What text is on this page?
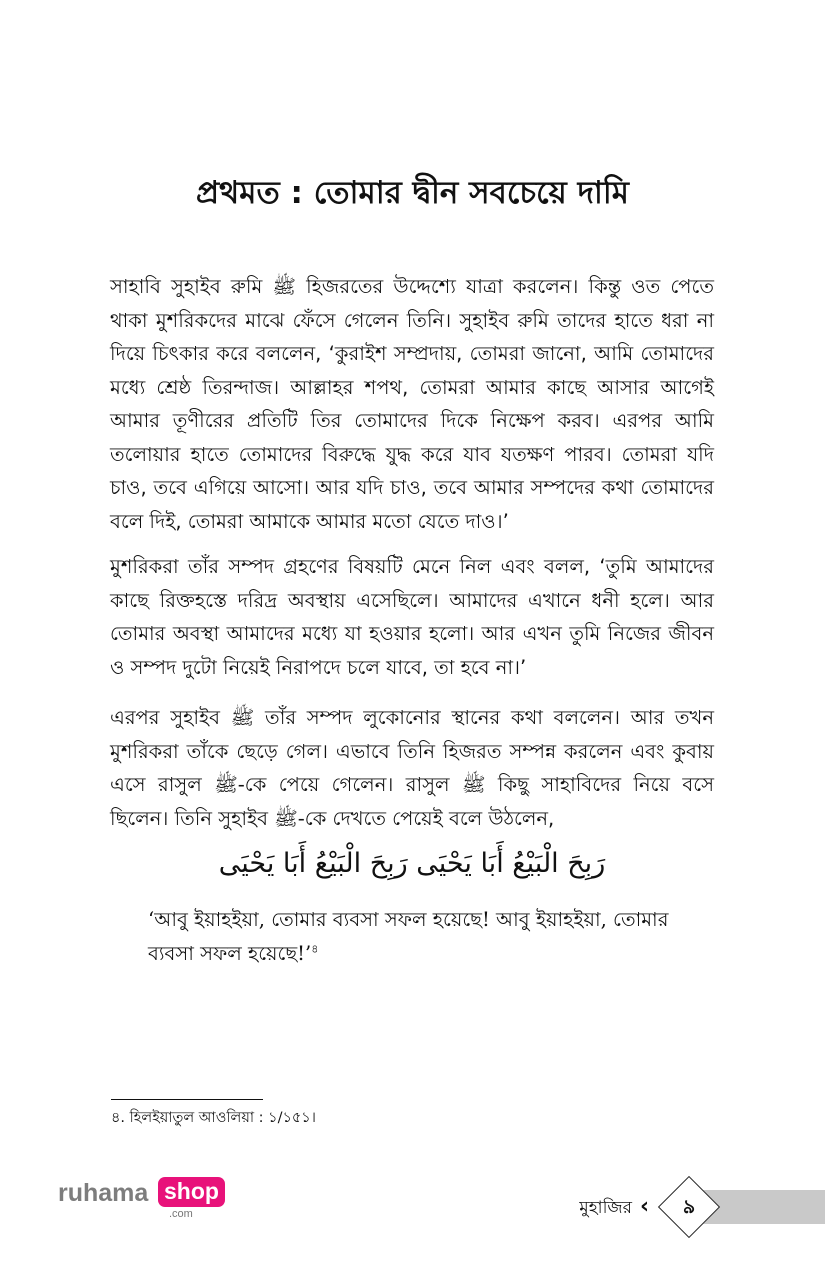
প্রথমত : তোমার দ্বীন সবচেয়ে দামি

সাহাবি সুহাইব রুমি ﷺ হিজরতের উদ্দেশ্যে যাত্রা করলেন। কিন্তু ওত পেতে থাকা মুশরিকদের মাঝে ফেঁসে গেলেন তিনি। সুহাইব রুমি তাদের হাতে ধরা না দিয়ে চিৎকার করে বললেন, ‘কুরাইশ সম্প্রদায়, তোমরা জানো, আমি তোমাদের মধ্যে শ্রেষ্ঠ তিরন্দাজ। আল্লাহর শপথ, তোমরা আমার কাছে আসার আগেই আমার তূণীরের প্রতিটি তির তোমাদের দিকে নিক্ষেপ করব। এরপর আমি তলোয়ার হাতে তোমাদের বিরুদ্ধে যুদ্ধ করে যাব যতক্ষণ পারব। তোমরা যদি চাও, তবে এগিয়ে আসো। আর যদি চাও, তবে আমার সম্পদের কথা তোমাদের বলে দিই, তোমরা আমাকে আমার মতো যেতে দাও।’

মুশরিকরা তাঁর সম্পদ গ্রহণের বিষয়টি মেনে নিল এবং বলল, ‘তুমি আমাদের কাছে রিক্তহস্তে দরিদ্র অবস্থায় এসেছিলে। আমাদের এখানে ধনী হলে। আর তোমার অবস্থা আমাদের মধ্যে যা হওয়ার হলো। আর এখন তুমি নিজের জীবন ও সম্পদ দুটো নিয়েই নিরাপদে চলে যাবে, তা হবে না।’

এরপর সুহাইব ﷺ তাঁর সম্পদ লুকোনোর স্থানের কথা বললেন। আর তখন মুশরিকরা তাঁকে ছেড়ে গেল। এভাবে তিনি হিজরত সম্পন্ন করলেন এবং কুবায় এসে রাসুল ﷺ-কে পেয়ে গেলেন। রাসুল ﷺ কিছু সাহাবিদের নিয়ে বসে ছিলেন। তিনি সুহাইব ﷺ-কে দেখতে পেয়েই বলে উঠলেন,

رَبِحَ الْبَيْعُ أَبَا يَحْيَى رَبِحَ الْبَيْعُ أَبَا يَحْيَى
‘আবু ইয়াহইয়া, তোমার ব্যবসা সফল হয়েছে! আবু ইয়াহইয়া, তোমার ব্যবসা সফল হয়েছে!’$^৪$
৪. হিলইয়াতুল আওলিয়া : ১/১৫১।
ruhama shop
.com	মুহাজির ‹	৯
